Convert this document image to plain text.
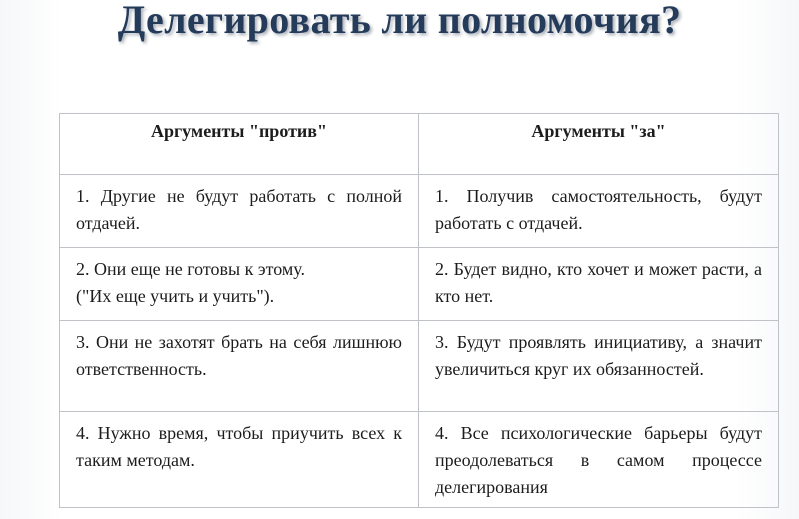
Делегировать ли полномочия?
Аргументы "против"	Аргументы "за"

1. Другие не будут работать с полной отдачей.	1. Получив самостоятельность, будут работать с отдачей.

2. Они еще не готовы к этому.
("Их еще учить и учить").	2. Будет видно, кто хочет и может расти, а кто нет.

3. Они не захотят брать на себя лишнюю ответственность.	3. Будут проявлять инициативу, а значит увеличиться круг их обязанностей.

4. Нужно время, чтобы приучить всех к таким методам.	4. Все психологические барьеры будут преодолеваться в самом процессе делегирования
